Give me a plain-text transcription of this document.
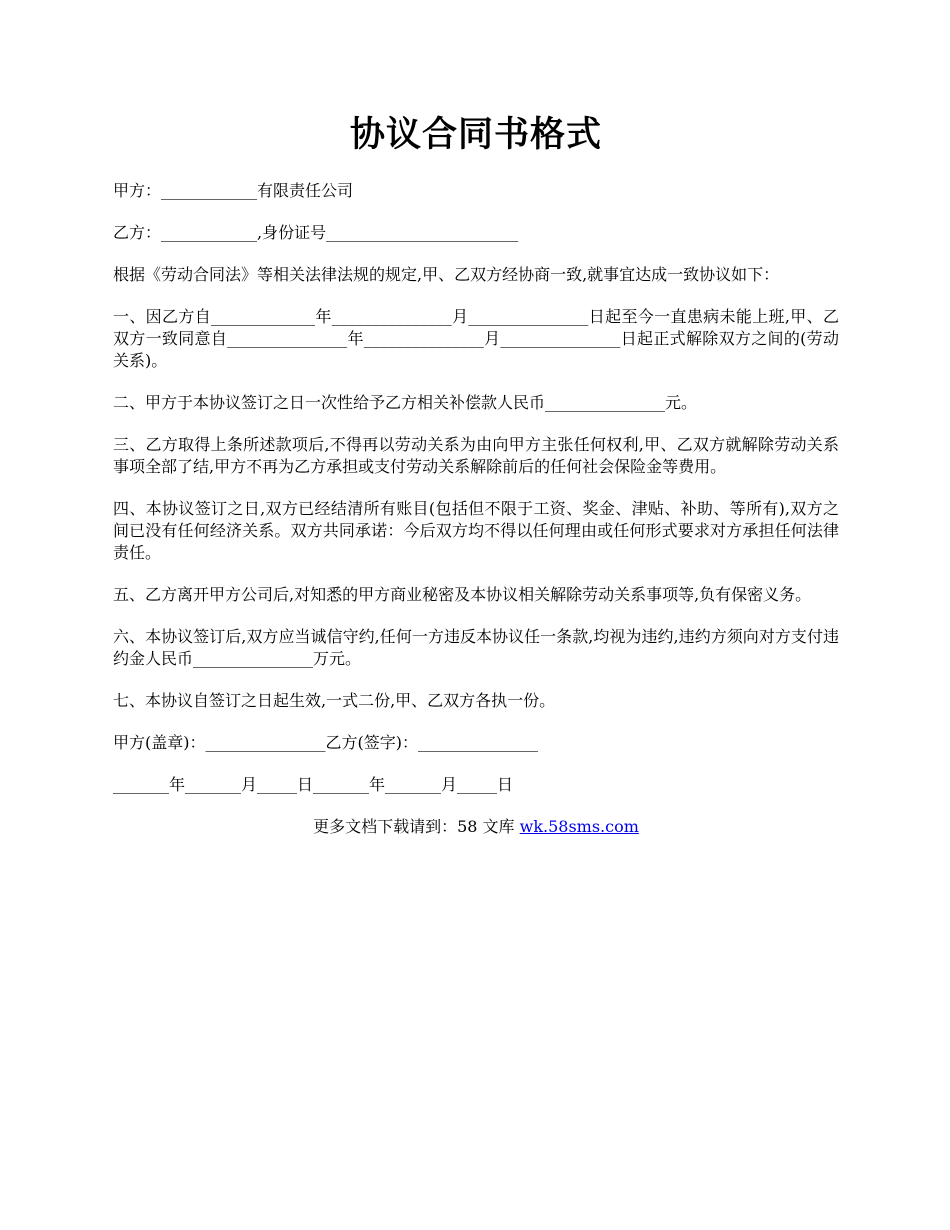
协议合同书格式

甲方：____________有限责任公司

乙方：____________,身份证号________________________

根据《劳动合同法》等相关法律法规的规定,甲、乙双方经协商一致,就事宜达成一致协议如下：

一、因乙方自_____________年_______________月_______________日起至今一直患病未能上班,甲、乙双方一致同意自_______________年_______________月_______________日起正式解除双方之间的(劳动关系)。

二、甲方于本协议签订之日一次性给予乙方相关补偿款人民币_______________元。

三、乙方取得上条所述款项后,不得再以劳动关系为由向甲方主张任何权利,甲、乙双方就解除劳动关系事项全部了结,甲方不再为乙方承担或支付劳动关系解除前后的任何社会保险金等费用。

四、本协议签订之日,双方已经结清所有账目(包括但不限于工资、奖金、津贴、补助、等所有),双方之间已没有任何经济关系。双方共同承诺：今后双方均不得以任何理由或任何形式要求对方承担任何法律责任。

五、乙方离开甲方公司后,对知悉的甲方商业秘密及本协议相关解除劳动关系事项等,负有保密义务。

六、本协议签订后,双方应当诚信守约,任何一方违反本协议任一条款,均视为违约,违约方须向对方支付违约金人民币_______________万元。

七、本协议自签订之日起生效,一式二份,甲、乙双方各执一份。

甲方(盖章)：_______________乙方(签字)：_______________

_______年_______月_____日_______年_______月_____日

更多文档下载请到：58 文库 wk.58sms.com
